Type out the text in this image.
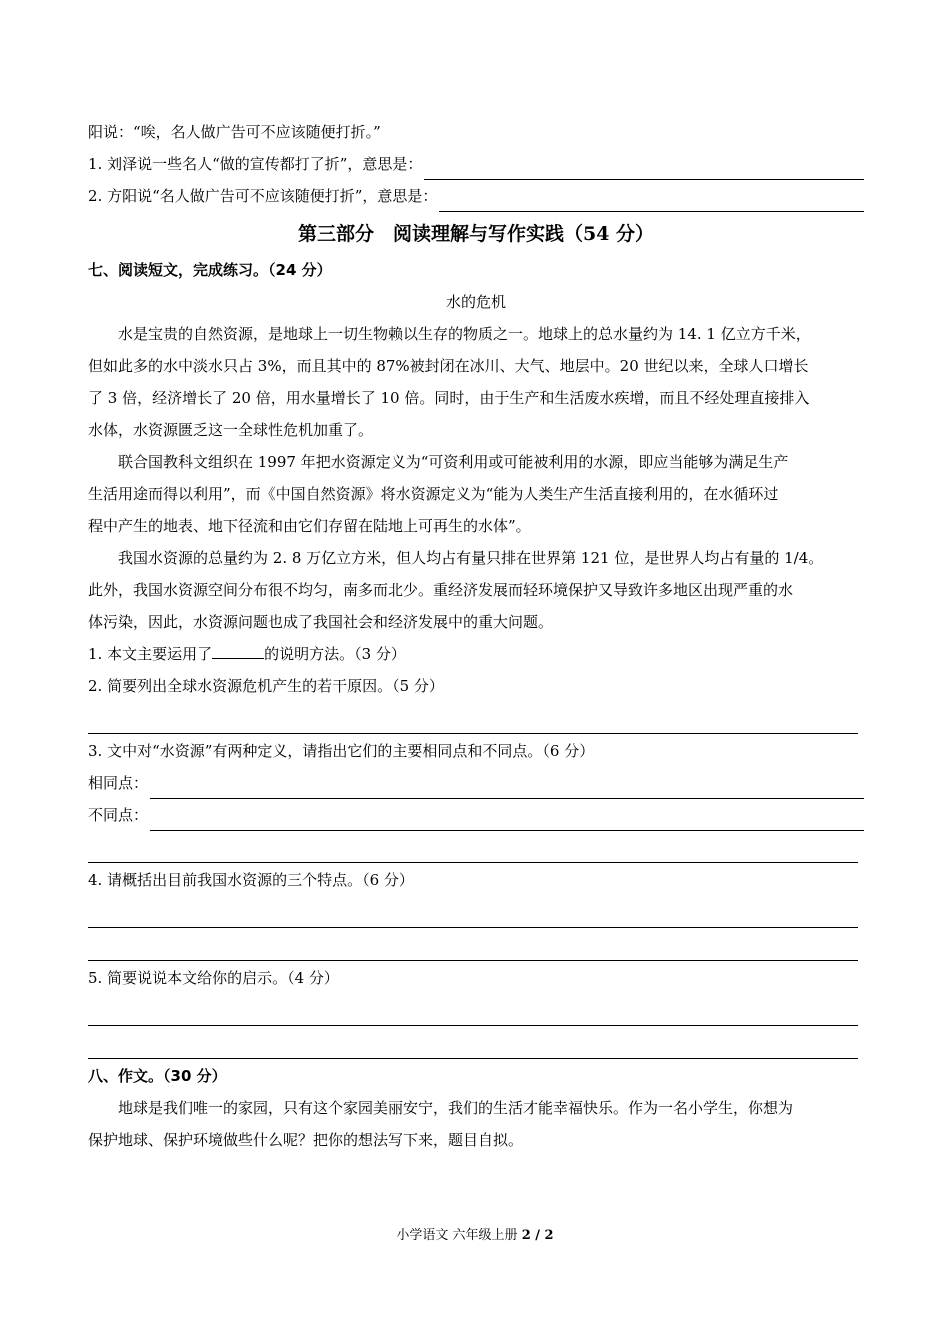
阳说：“唉，名人做广告可不应该随便打折。”
1. 刘泽说一些名人“做的宣传都打了折”，意思是：
2. 方阳说“名人做广告可不应该随便打折”，意思是：
第三部分　阅读理解与写作实践（54 分）
七、阅读短文，完成练习。（24 分）
水的危机
水是宝贵的自然资源，是地球上一切生物赖以生存的物质之一。地球上的总水量约为 14. 1 亿立方千米，
但如此多的水中淡水只占 3%，而且其中的 87%被封闭在冰川、大气、地层中。20 世纪以来，全球人口增长
了 3 倍，经济增长了 20 倍，用水量增长了 10 倍。同时，由于生产和生活废水疾增，而且不经处理直接排入
水体，水资源匮乏这一全球性危机加重了。
联合国教科文组织在 1997 年把水资源定义为“可资利用或可能被利用的水源，即应当能够为满足生产
生活用途而得以利用”，而《中国自然资源》将水资源定义为“能为人类生产生活直接利用的，在水循环过
程中产生的地表、地下径流和由它们存留在陆地上可再生的水体”。
我国水资源的总量约为 2. 8 万亿立方米，但人均占有量只排在世界第 121 位，是世界人均占有量的 1/4。
此外，我国水资源空间分布很不均匀，南多而北少。重经济发展而轻环境保护又导致许多地区出现严重的水
体污染，因此，水资源问题也成了我国社会和经济发展中的重大问题。
1. 本文主要运用了	的说明方法。（3 分）
2. 简要列出全球水资源危机产生的若干原因。（5 分）
3. 文中对“水资源”有两种定义，请指出它们的主要相同点和不同点。（6 分）
相同点：
不同点：
4. 请概括出目前我国水资源的三个特点。（6 分）
5. 简要说说本文给你的启示。（4 分）
八、作文。（30 分）
地球是我们唯一的家园，只有这个家园美丽安宁，我们的生活才能幸福快乐。作为一名小学生，你想为
保护地球、保护环境做些什么呢？把你的想法写下来，题目自拟。
小学语文 六年级上册 2 / 2
